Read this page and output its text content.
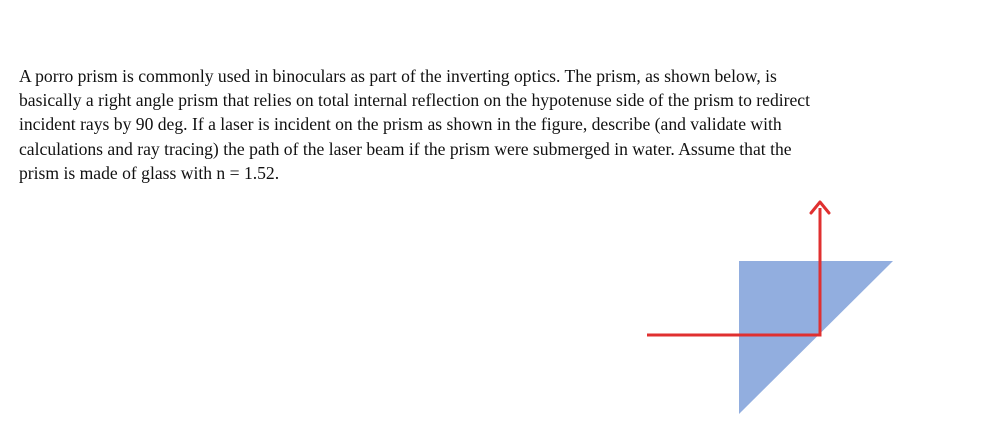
A porro prism is commonly used in binoculars as part of the inverting optics. The prism, as shown below, is
basically a right angle prism that relies on total internal reflection on the hypotenuse side of the prism to redirect
incident rays by 90 deg. If a laser is incident on the prism as shown in the figure, describe (and validate with
calculations and ray tracing) the path of the laser beam if the prism were submerged in water. Assume that the
prism is made of glass with n = 1.52.
